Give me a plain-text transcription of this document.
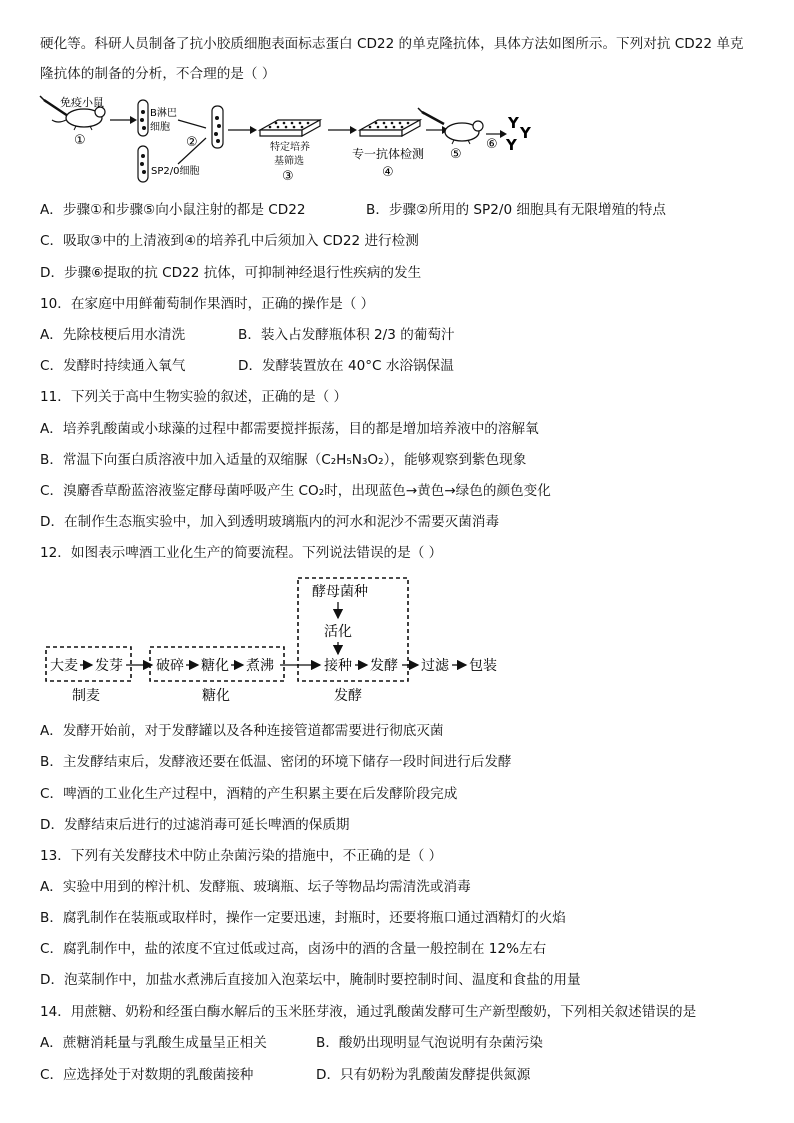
硬化等。科研人员制备了抗小胶质细胞表面标志蛋白 CD22 的单克隆抗体，具体方法如图所示。下列对抗 CD22 单克
隆抗体的制备的分析，不合理的是（ ）
免疫小鼠
①
B淋巴
细胞
SP2/0细胞
②	特定培养
基筛选
③
专一抗体检测
④
⑤
⑥
Y
Y
Y
A．步骤①和步骤⑤向小鼠注射的都是 CD22	B．步骤②所用的 SP2/0 细胞具有无限增殖的特点
C．吸取③中的上清液到④的培养孔中后须加入 CD22 进行检测
D．步骤⑥提取的抗 CD22 抗体，可抑制神经退行性疾病的发生
10．在家庭中用鲜葡萄制作果酒时，正确的操作是（ ）
A．先除枝梗后用水清洗	B．装入占发酵瓶体积 2/3 的葡萄汁
C．发酵时持续通入氧气	D．发酵装置放在 40°C 水浴锅保温
11．下列关于高中生物实验的叙述，正确的是（ ）
A．培养乳酸菌或小球藻的过程中都需要搅拌振荡，目的都是增加培养液中的溶解氧
B．常温下向蛋白质溶液中加入适量的双缩脲（C₂H₅N₃O₂），能够观察到紫色现象
C．溴麝香草酚蓝溶液鉴定酵母菌呼吸产生 CO₂时，出现蓝色→黄色→绿色的颜色变化
D．在制作生态瓶实验中，加入到透明玻璃瓶内的河水和泥沙不需要灭菌消毒
12．如图表示啤酒工业化生产的简要流程。下列说法错误的是（ ）
酵母菌种
活化
大麦 发芽 破碎 糖化 煮沸	接种 发酵 过滤 包装
制麦	糖化	发酵
A．发酵开始前，对于发酵罐以及各种连接管道都需要进行彻底灭菌
B．主发酵结束后，发酵液还要在低温、密闭的环境下储存一段时间进行后发酵
C．啤酒的工业化生产过程中，酒精的产生积累主要在后发酵阶段完成
D．发酵结束后进行的过滤消毒可延长啤酒的保质期
13．下列有关发酵技术中防止杂菌污染的措施中，不正确的是（ ）
A．实验中用到的榨汁机、发酵瓶、玻璃瓶、坛子等物品均需清洗或消毒
B．腐乳制作在装瓶或取样时，操作一定要迅速，封瓶时，还要将瓶口通过酒精灯的火焰
C．腐乳制作中，盐的浓度不宜过低或过高，卤汤中的酒的含量一般控制在 12%左右
D．泡菜制作中，加盐水煮沸后直接加入泡菜坛中，腌制时要控制时间、温度和食盐的用量
14．用蔗糖、奶粉和经蛋白酶水解后的玉米胚芽液，通过乳酸菌发酵可生产新型酸奶，下列相关叙述错误的是
A．蔗糖消耗量与乳酸生成量呈正相关	B．酸奶出现明显气泡说明有杂菌污染
C．应选择处于对数期的乳酸菌接种	D．只有奶粉为乳酸菌发酵提供氮源
